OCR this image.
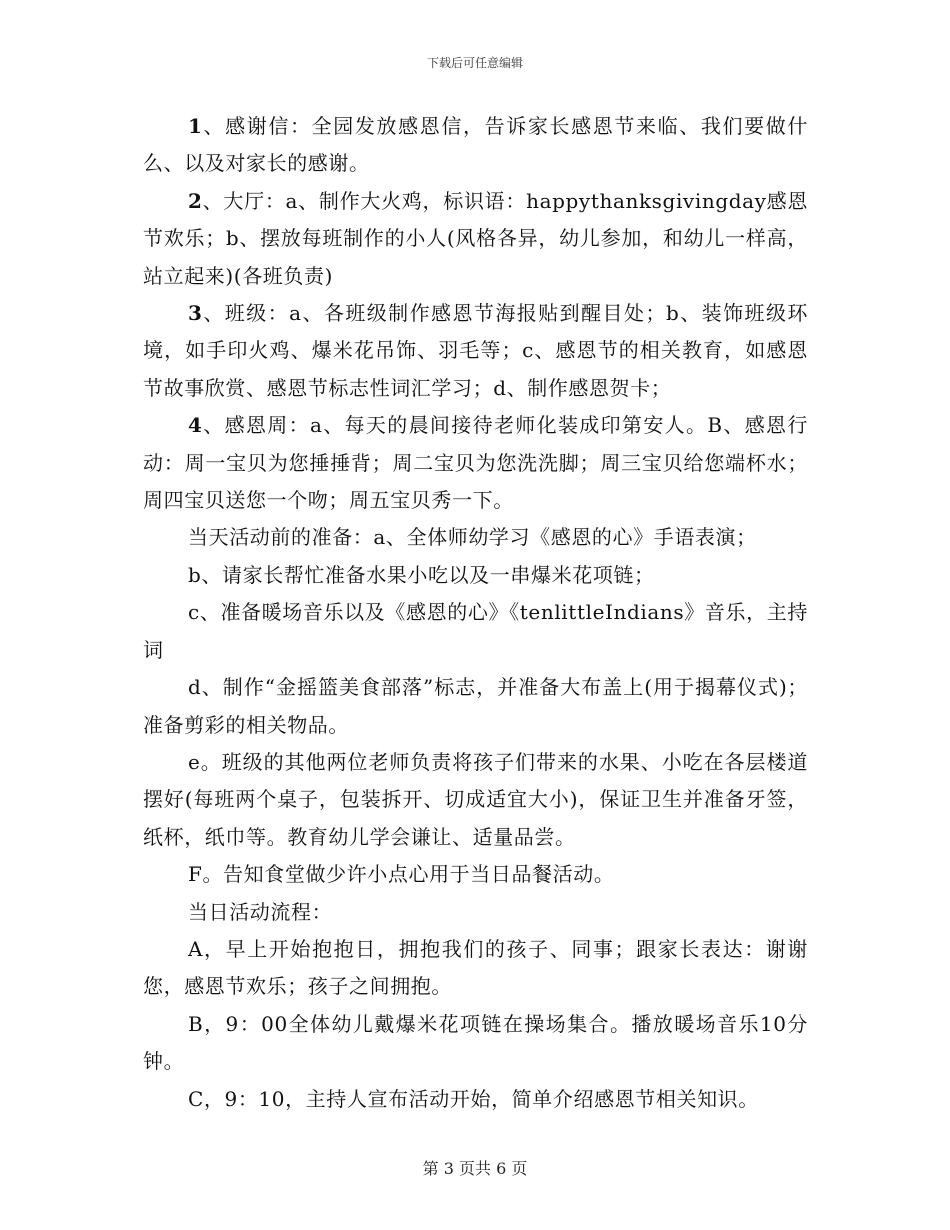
下载后可任意编辑

1、感谢信：全园发放感恩信，告诉家长感恩节来临、我们要做什么、以及对家长的感谢。

2、大厅：a、制作大火鸡，标识语：happythanksgivingday感恩节欢乐；b、摆放每班制作的小人(风格各异，幼儿参加，和幼儿一样高，站立起来)(各班负责)

3、班级：a、各班级制作感恩节海报贴到醒目处；b、装饰班级环境，如手印火鸡、爆米花吊饰、羽毛等；c、感恩节的相关教育，如感恩节故事欣赏、感恩节标志性词汇学习；d、制作感恩贺卡；

4、感恩周：a、每天的晨间接待老师化装成印第安人。B、感恩行动：周一宝贝为您捶捶背；周二宝贝为您洗洗脚；周三宝贝给您端杯水；周四宝贝送您一个吻；周五宝贝秀一下。

当天活动前的准备：a、全体师幼学习《感恩的心》手语表演；

b、请家长帮忙准备水果小吃以及一串爆米花项链；

c、准备暖场音乐以及《感恩的心》《tenlittleIndians》音乐，主持词

d、制作“金摇篮美食部落”标志，并准备大布盖上(用于揭幕仪式)；准备剪彩的相关物品。

e。班级的其他两位老师负责将孩子们带来的水果、小吃在各层楼道摆好(每班两个桌子，包装拆开、切成适宜大小)，保证卫生并准备牙签，纸杯，纸巾等。教育幼儿学会谦让、适量品尝。

F。告知食堂做少许小点心用于当日品餐活动。

当日活动流程：

A，早上开始抱抱日，拥抱我们的孩子、同事；跟家长表达：谢谢您，感恩节欢乐；孩子之间拥抱。

B，9：00全体幼儿戴爆米花项链在操场集合。播放暖场音乐10分钟。

C，9：10，主持人宣布活动开始，简单介绍感恩节相关知识。

第 3 页共 6 页
